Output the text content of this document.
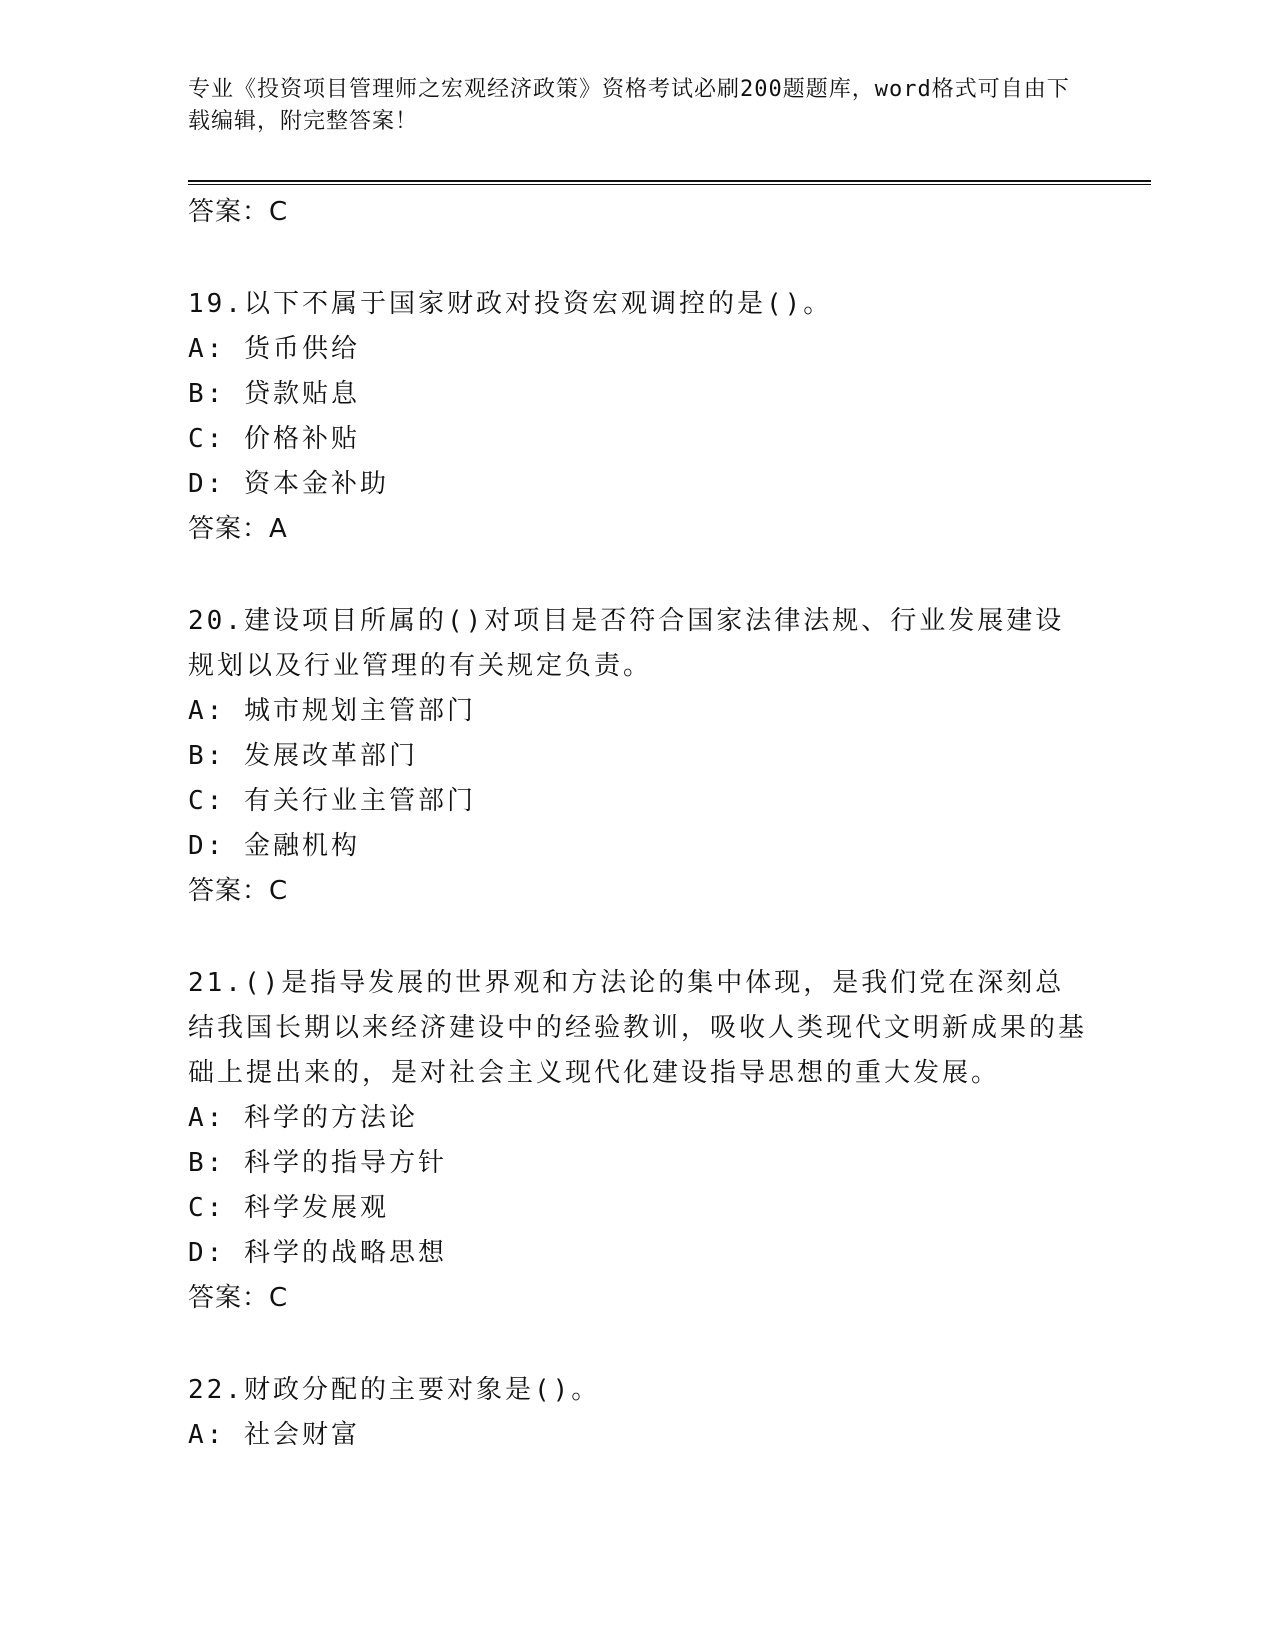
专业《投资项目管理师之宏观经济政策》资格考试必刷200题题库，word格式可自由下载编辑，附完整答案！
答案：C
19.以下不属于国家财政对投资宏观调控的是()。
A: 货币供给
B: 贷款贴息
C: 价格补贴
D: 资本金补助
答案：A
20.建设项目所属的()对项目是否符合国家法律法规、行业发展建设规划以及行业管理的有关规定负责。
A: 城市规划主管部门
B: 发展改革部门
C: 有关行业主管部门
D: 金融机构
答案：C
21.()是指导发展的世界观和方法论的集中体现，是我们党在深刻总结我国长期以来经济建设中的经验教训，吸收人类现代文明新成果的基础上提出来的，是对社会主义现代化建设指导思想的重大发展。
A: 科学的方法论
B: 科学的指导方针
C: 科学发展观
D: 科学的战略思想
答案：C
22.财政分配的主要对象是()。
A: 社会财富
